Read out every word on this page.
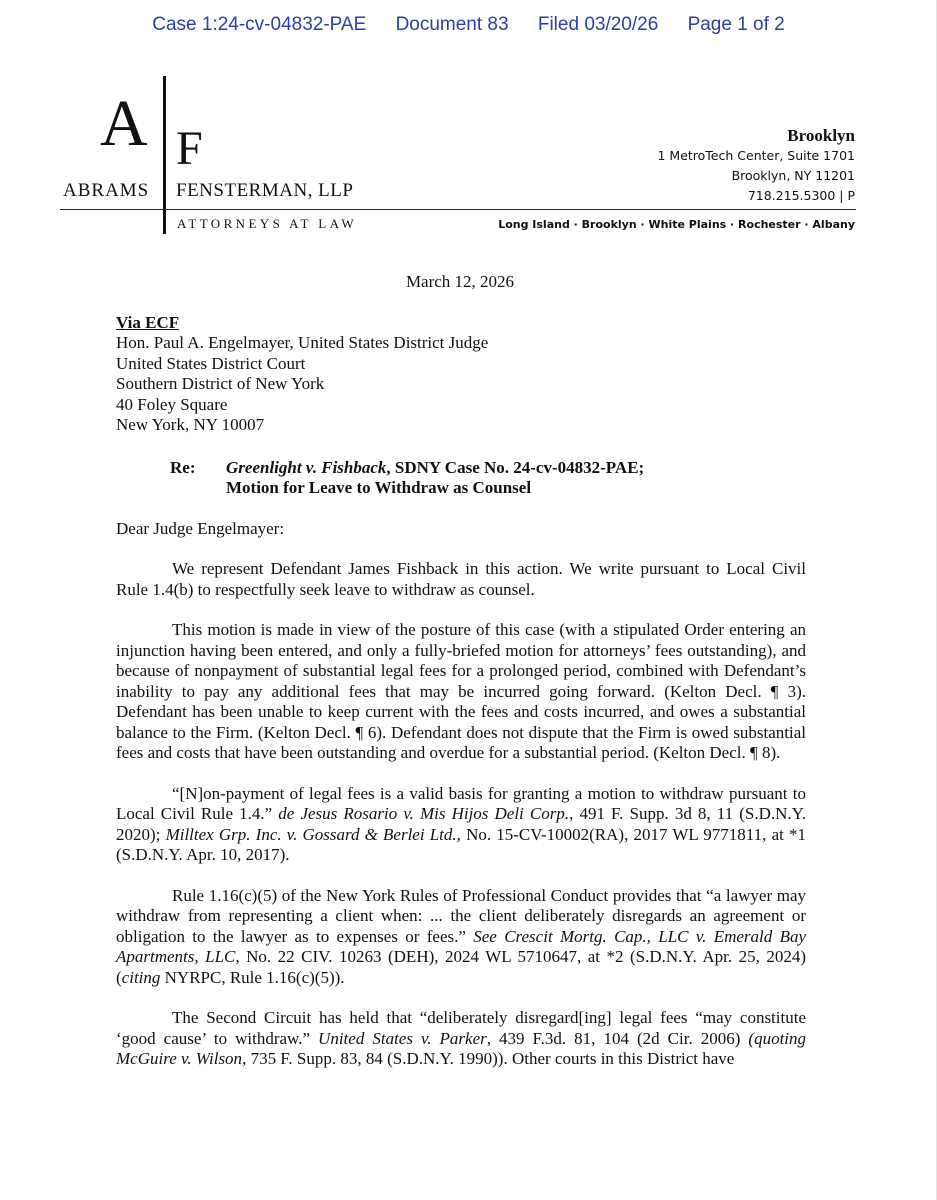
Case 1:24-cv-04832-PAE Document 83 Filed 03/20/26 Page 1 of 2
A F
ABRAMS FENSTERMAN, LLP
ATTORNEYS AT LAW
Brooklyn
1 MetroTech Center, Suite 1701
Brooklyn, NY 11201
718.215.5300 | P
Long Island · Brooklyn · White Plains · Rochester · Albany
March 12, 2026
Via ECF
Hon. Paul A. Engelmayer, United States District Judge
United States District Court
Southern District of New York
40 Foley Square
New York, NY 10007
Re:	Greenlight v. Fishback, SDNY Case No. 24-cv-04832-PAE;
Motion for Leave to Withdraw as Counsel
Dear Judge Engelmayer:

We represent Defendant James Fishback in this action. We write pursuant to Local Civil Rule 1.4(b) to respectfully seek leave to withdraw as counsel.

This motion is made in view of the posture of this case (with a stipulated Order entering an injunction having been entered, and only a fully-briefed motion for attorneys’ fees outstanding), and because of nonpayment of substantial legal fees for a prolonged period, combined with Defendant’s inability to pay any additional fees that may be incurred going forward. (Kelton Decl. ¶ 3). Defendant has been unable to keep current with the fees and costs incurred, and owes a substantial balance to the Firm. (Kelton Decl. ¶ 6). Defendant does not dispute that the Firm is owed substantial fees and costs that have been outstanding and overdue for a substantial period. (Kelton Decl. ¶ 8).

“[N]on-payment of legal fees is a valid basis for granting a motion to withdraw pursuant to Local Civil Rule 1.4.” de Jesus Rosario v. Mis Hijos Deli Corp., 491 F. Supp. 3d 8, 11 (S.D.N.Y. 2020); Milltex Grp. Inc. v. Gossard & Berlei Ltd., No. 15-CV-10002(RA), 2017 WL 9771811, at *1 (S.D.N.Y. Apr. 10, 2017).

Rule 1.16(c)(5) of the New York Rules of Professional Conduct provides that “a lawyer may withdraw from representing a client when: ... the client deliberately disregards an agreement or obligation to the lawyer as to expenses or fees.” See Crescit Mortg. Cap., LLC v. Emerald Bay Apartments, LLC, No. 22 CIV. 10263 (DEH), 2024 WL 5710647, at *2 (S.D.N.Y. Apr. 25, 2024) (citing NYRPC, Rule 1.16(c)(5)).

The Second Circuit has held that “deliberately disregard[ing] legal fees “may constitute ‘good cause’ to withdraw.” United States v. Parker, 439 F.3d. 81, 104 (2d Cir. 2006) (quoting McGuire v. Wilson, 735 F. Supp. 83, 84 (S.D.N.Y. 1990)). Other courts in this District have
